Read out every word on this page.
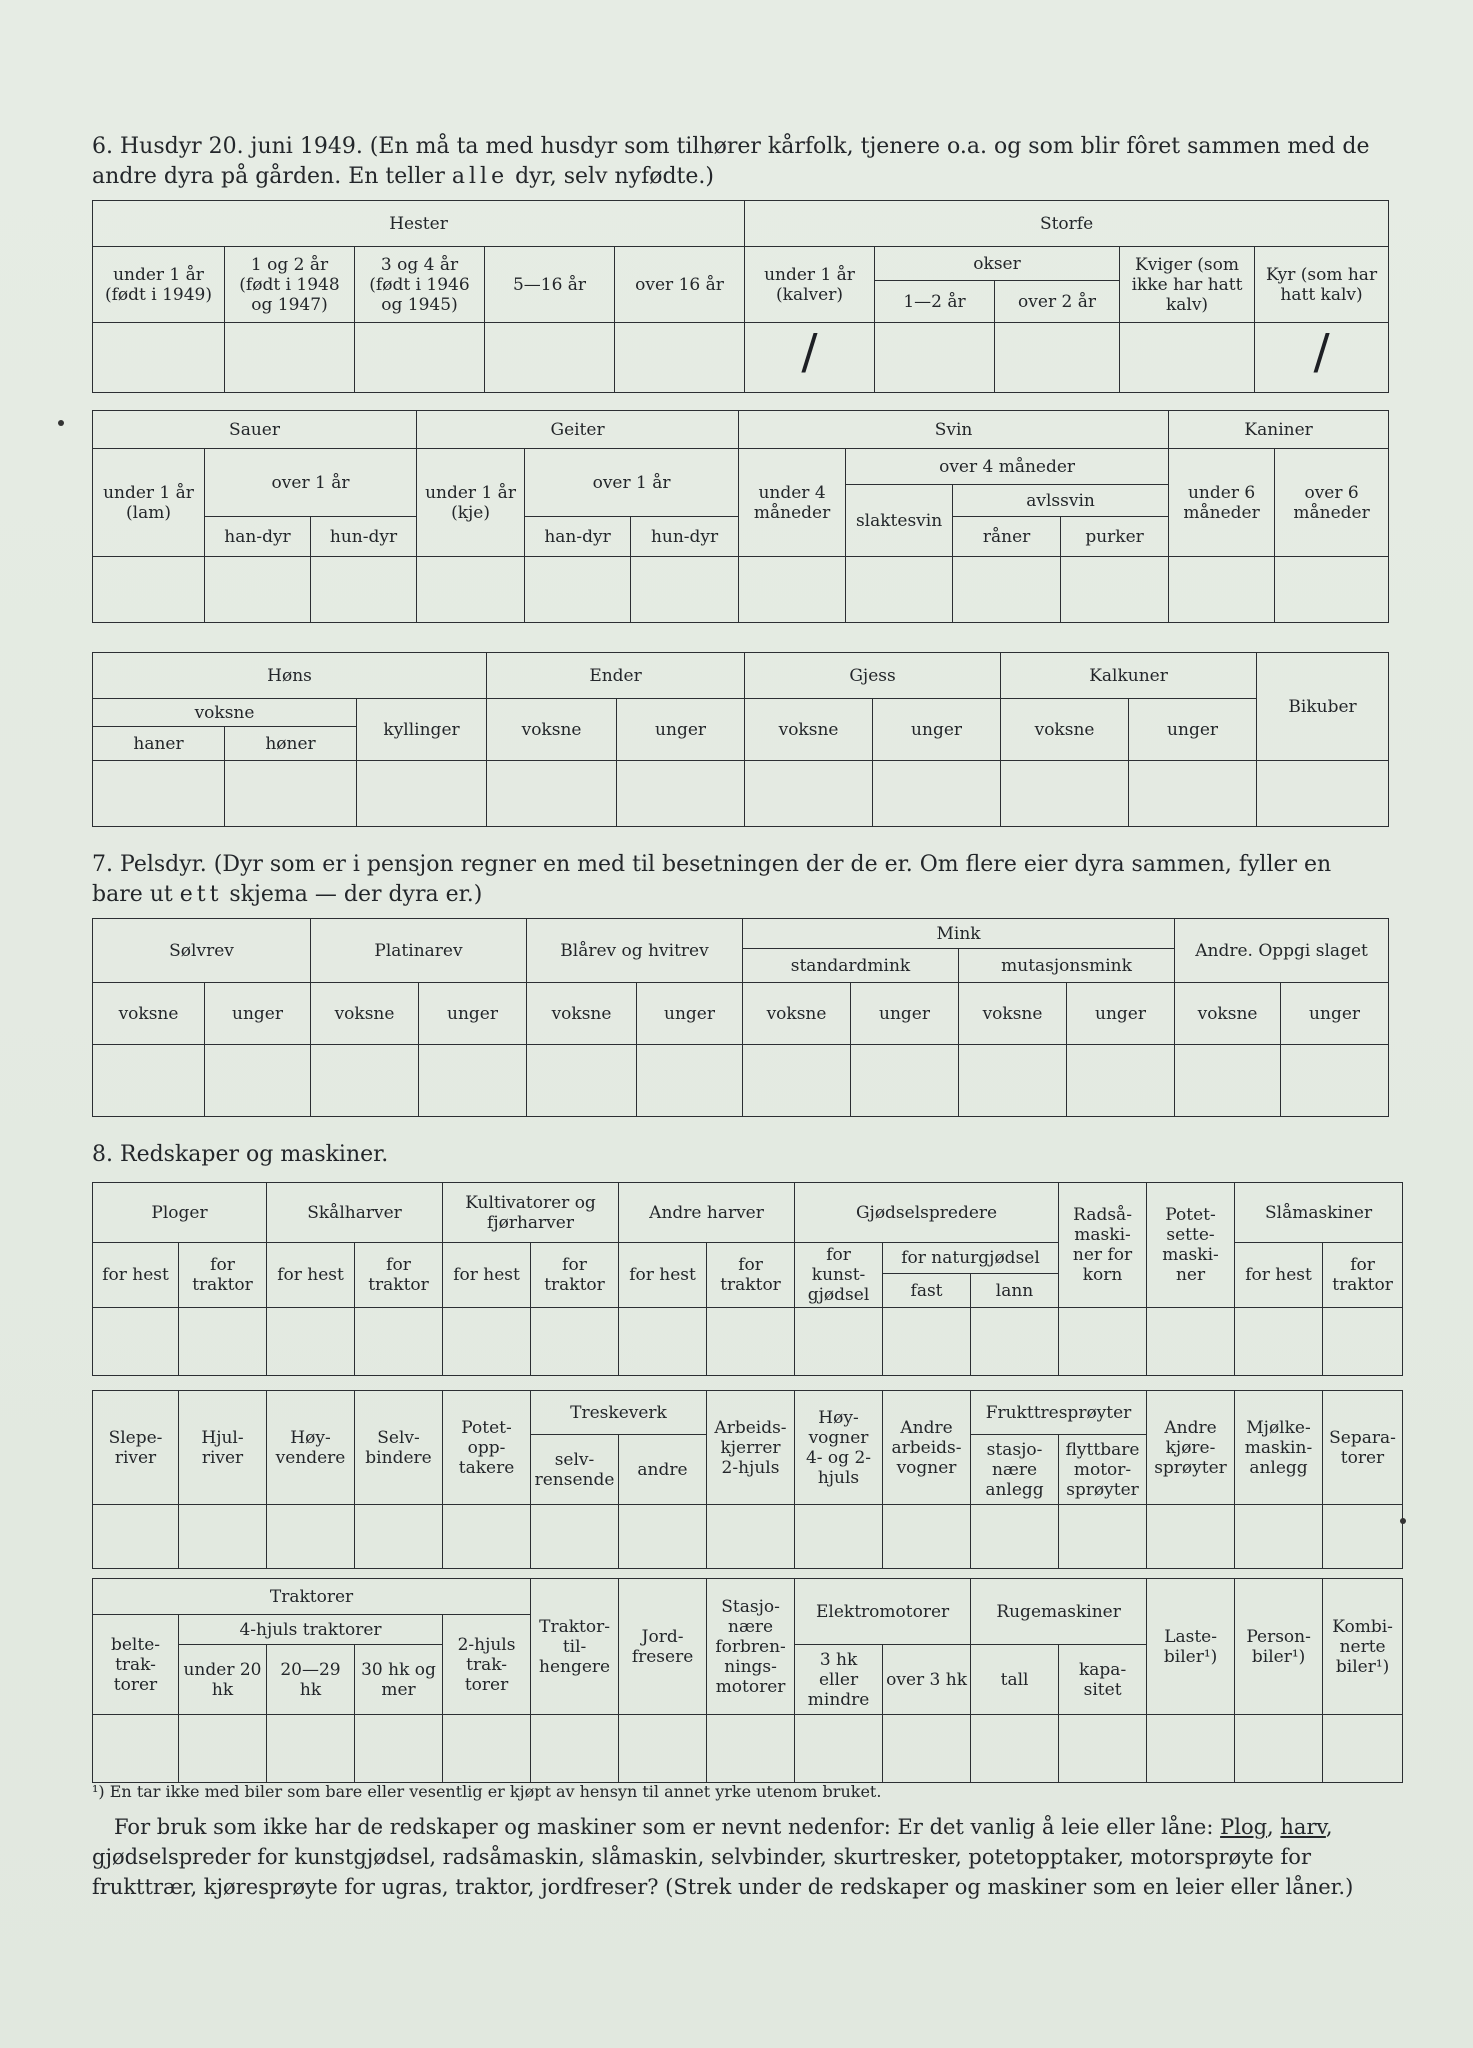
6. Husdyr 20. juni 1949. (En må ta med husdyr som tilhører kårfolk, tjenere o.a. og som blir fôret sammen med de andre dyra på gården. En teller alle dyr, selv nyfødte.)
Hester					Storfe				
under 1 år (født i 1949)	1 og 2 år (født i 1948 og 1947)	3 og 4 år (født i 1946 og 1945)	5—16 år	over 16 år	under 1 år (kalver)	okser		Kviger (som ikke har hatt kalv)	Kyr (som har hatt kalv)
						1—2 år	over 2 år		
					/				/
Sauer			Geiter			Svin				Kaniner	
under 1 år (lam)	over 1 år		under 1 år (kje)	over 1 år		under 4 måneder	over 4 måneder			under 6 måneder	over 6 måneder
							slaktesvin	avlssvin			
	han-dyr	hun-dyr		han-dyr	hun-dyr			råner	purker		

Høns			Ender		Gjess		Kalkuner		Bikuber
voksne		kyllinger	voksne	unger	voksne	unger	voksne	unger	
haner	høner								

7. Pelsdyr. (Dyr som er i pensjon regner en med til besetningen der de er. Om flere eier dyra sammen, fyller en bare ut ett skjema — der dyra er.)
Sølvrev		Platinarev		Blårev og hvitrev		Mink				Andre. Oppgi slaget	
						standardmink		mutasjonsmink			
voksne	unger	voksne	unger	voksne	unger	voksne	unger	voksne	unger	voksne	unger

8. Redskaper og maskiner.
Ploger		Skålharver		Kultivatorer og fjørharver		Andre harver		Gjødselspredere			Radså-maski-ner for korn	Potet-sette-maski-ner	Slåmaskiner	
for hest	for traktor	for hest	for traktor	for hest	for traktor	for hest	for traktor	for kunst-gjødsel	for naturgjødsel				for hest	for traktor
									fast	lann				

Slepe-river	Hjul-river	Høy-vendere	Selv-bindere	Potet-opp-takere	Treskeverk		Arbeids-kjerrer 2-hjuls	Høy-vogner 4- og 2-hjuls	Andre arbeids-vogner	Frukttresprøyter		Andre kjøre-sprøyter	Mjølke-maskin-anlegg	Separa-torer
					selv-rensende	andre				stasjo-nære anlegg	flyttbare motor-sprøyter			

Traktorer					Traktor-til-hengere	Jord-fresere	Stasjo-nære forbren-nings-motorer	Elektromotorer		Rugemaskiner		Laste-biler¹)	Person-biler¹)	Kombi-nerte biler¹)
belte-trak-torer	4-hjuls traktorer			2-hjuls trak-torer										
	under 20 hk	20—29 hk	30 hk og mer					3 hk eller mindre	over 3 hk	tall	kapa-sitet			

¹) En tar ikke med biler som bare eller vesentlig er kjøpt av hensyn til annet yrke utenom bruket.
For bruk som ikke har de redskaper og maskiner som er nevnt nedenfor: Er det vanlig å leie eller låne: Plog, harv, gjødselspreder for kunstgjødsel, radsåmaskin, slåmaskin, selvbinder, skurtresker, potetopptaker, motorsprøyte for frukttrær, kjøresprøyte for ugras, traktor, jordfreser? (Strek under de redskaper og maskiner som en leier eller låner.)
